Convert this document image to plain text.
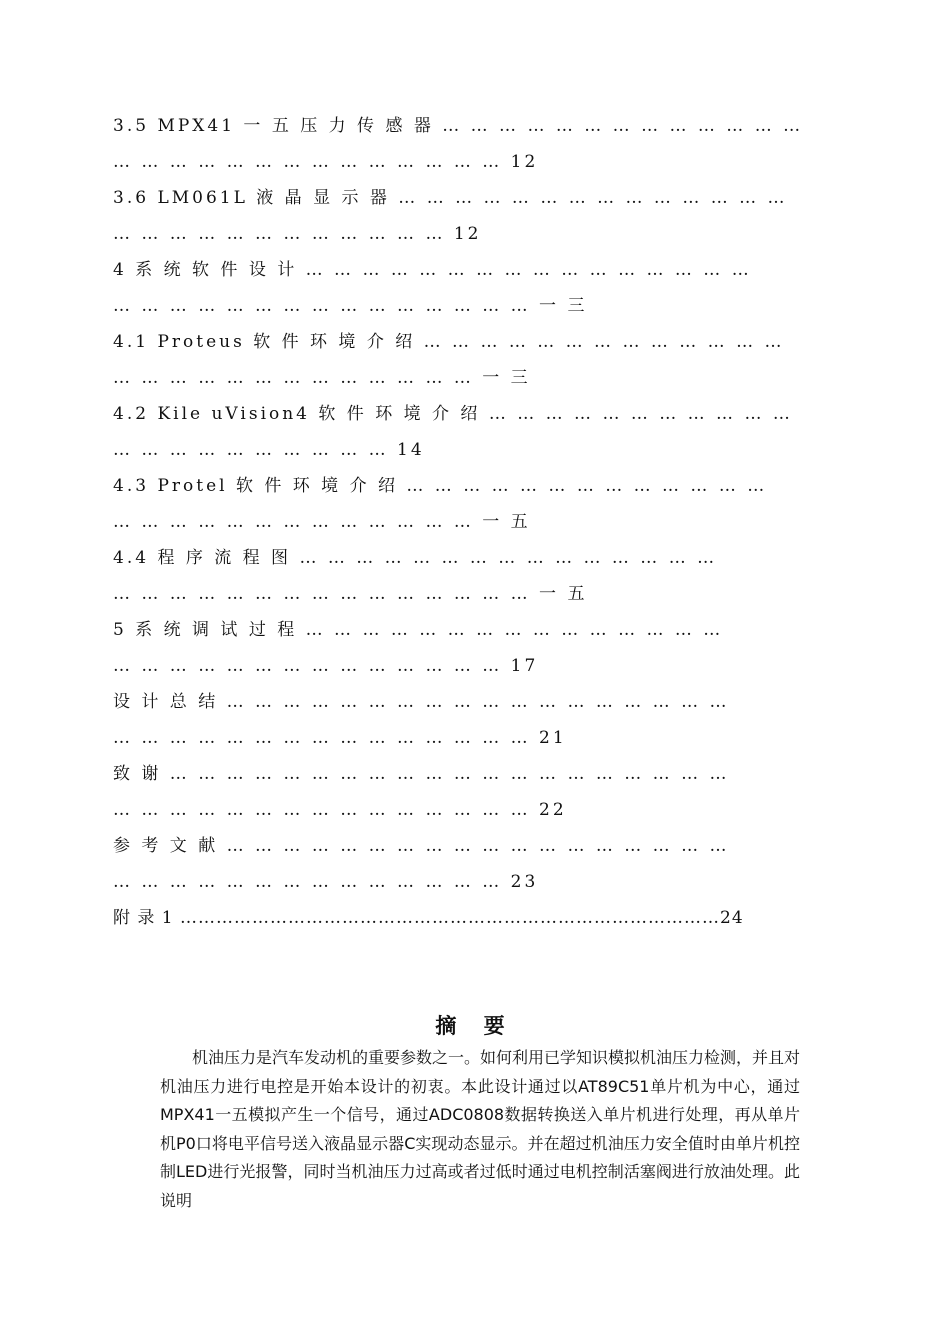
3.5 MPX41 一 五 压 力 传 感 器 … … … … … … … … … … … … …
… … … … … … … … … … … … … … 12
3.6 LM061L 液 晶 显 示 器 … … … … … … … … … … … … … …
… … … … … … … … … … … … 12
4 系 统 软 件 设 计 … … … … … … … … … … … … … … … …
… … … … … … … … … … … … … … … 一 三
4.1 Proteus 软 件 环 境 介 绍 … … … … … … … … … … … … …
… … … … … … … … … … … … … 一 三
4.2 Kile uVision4 软 件 环 境 介 绍 … … … … … … … … … … …
… … … … … … … … … … 14
4.3 Protel 软 件 环 境 介 绍 … … … … … … … … … … … … …
… … … … … … … … … … … … … 一 五
4.4 程 序 流 程 图 … … … … … … … … … … … … … … …
… … … … … … … … … … … … … … … 一 五
5 系 统 调 试 过 程 … … … … … … … … … … … … … … …
… … … … … … … … … … … … … … 17
设 计 总 结 … … … … … … … … … … … … … … … … … …
… … … … … … … … … … … … … … … 21
致 谢 … … … … … … … … … … … … … … … … … … … …
… … … … … … … … … … … … … … … 22
参 考 文 献 … … … … … … … … … … … … … … … … … …
… … … … … … … … … … … … … … 23
附 录 1 ………………………………………………………………………………24
摘 要
机油压力是汽车发动机的重要参数之一。如何利用已学知识模拟机油压力检测，并且对机油压力进行电控是开始本设计的初衷。本此设计通过以AT89C51单片机为中心，通过MPX41一五模拟产生一个信号，通过ADC0808数据转换送入单片机进行处理，再从单片机P0口将电平信号送入液晶显示器C实现动态显示。并在超过机油压力安全值时由单片机控制LED进行光报警，同时当机油压力过高或者过低时通过电机控制活塞阀进行放油处理。此说明
